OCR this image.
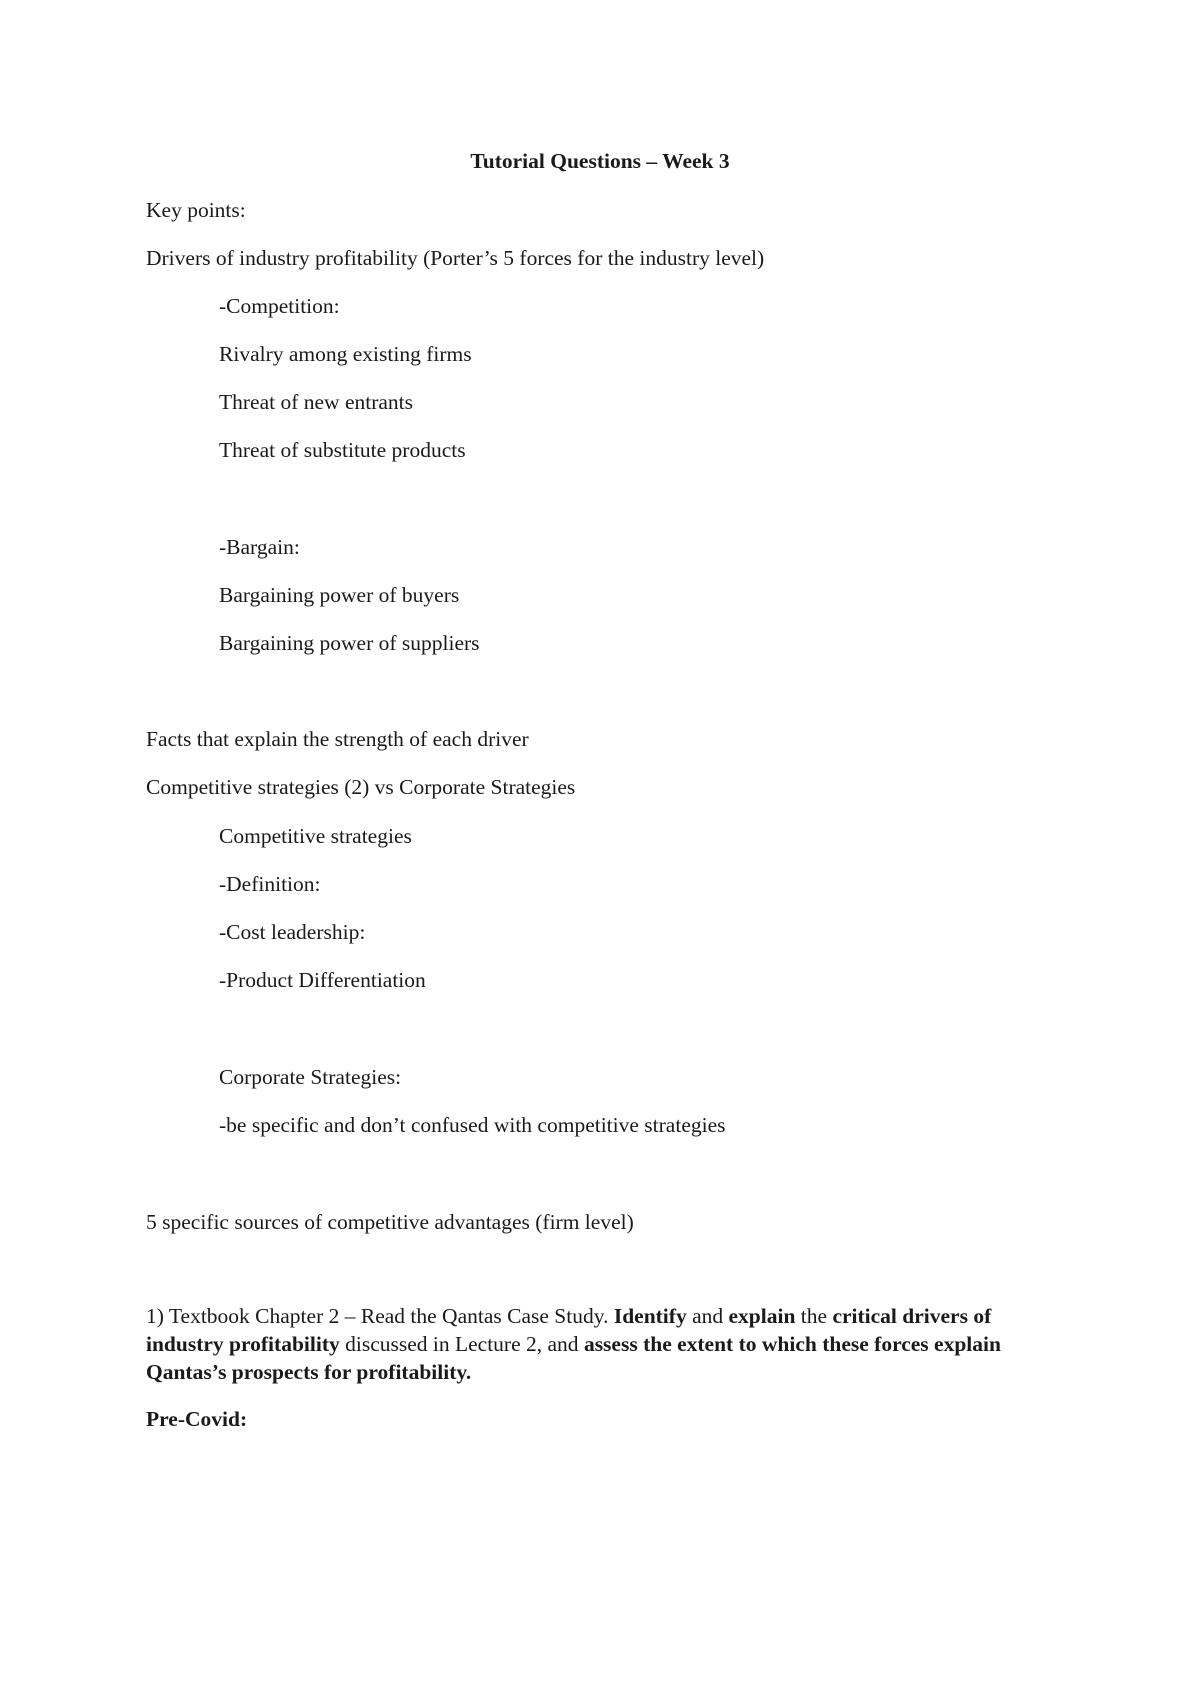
Tutorial Questions – Week 3
Key points:
Drivers of industry profitability (Porter’s 5 forces for the industry level)
-Competition:
Rivalry among existing firms
Threat of new entrants
Threat of substitute products
-Bargain:
Bargaining power of buyers
Bargaining power of suppliers
Facts that explain the strength of each driver
Competitive strategies (2) vs Corporate Strategies
Competitive strategies
-Definition:
-Cost leadership:
-Product Differentiation
Corporate Strategies:
-be specific and don’t confused with competitive strategies
5 specific sources of competitive advantages (firm level)
1) Textbook Chapter 2 – Read the Qantas Case Study. Identify and explain the critical drivers of industry profitability discussed in Lecture 2, and assess the extent to which these forces explain Qantas’s prospects for profitability.
Pre-Covid:
